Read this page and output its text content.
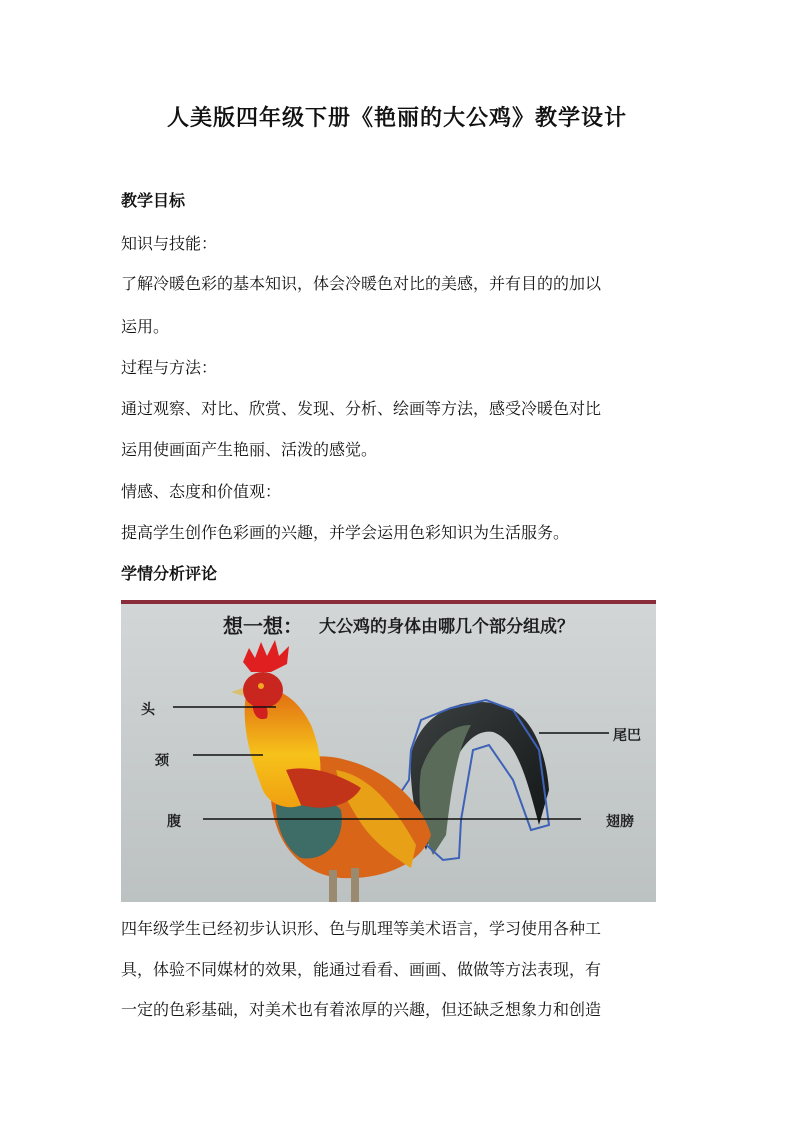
人美版四年级下册《艳丽的大公鸡》教学设计
教学目标
知识与技能：
了解冷暖色彩的基本知识，体会冷暖色对比的美感，并有目的的加以
运用。
过程与方法：
通过观察、对比、欣赏、发现、分析、绘画等方法，感受冷暖色对比
运用使画面产生艳丽、活泼的感觉。
情感、态度和价值观：
提高学生创作色彩画的兴趣，并学会运用色彩知识为生活服务。
学情分析评论
想一想： 大公鸡的身体由哪几个部分组成？
头
颈
腹
尾巴
翅膀
四年级学生已经初步认识形、色与肌理等美术语言，学习使用各种工
具，体验不同媒材的效果，能通过看看、画画、做做等方法表现，有
一定的色彩基础，对美术也有着浓厚的兴趣，但还缺乏想象力和创造
